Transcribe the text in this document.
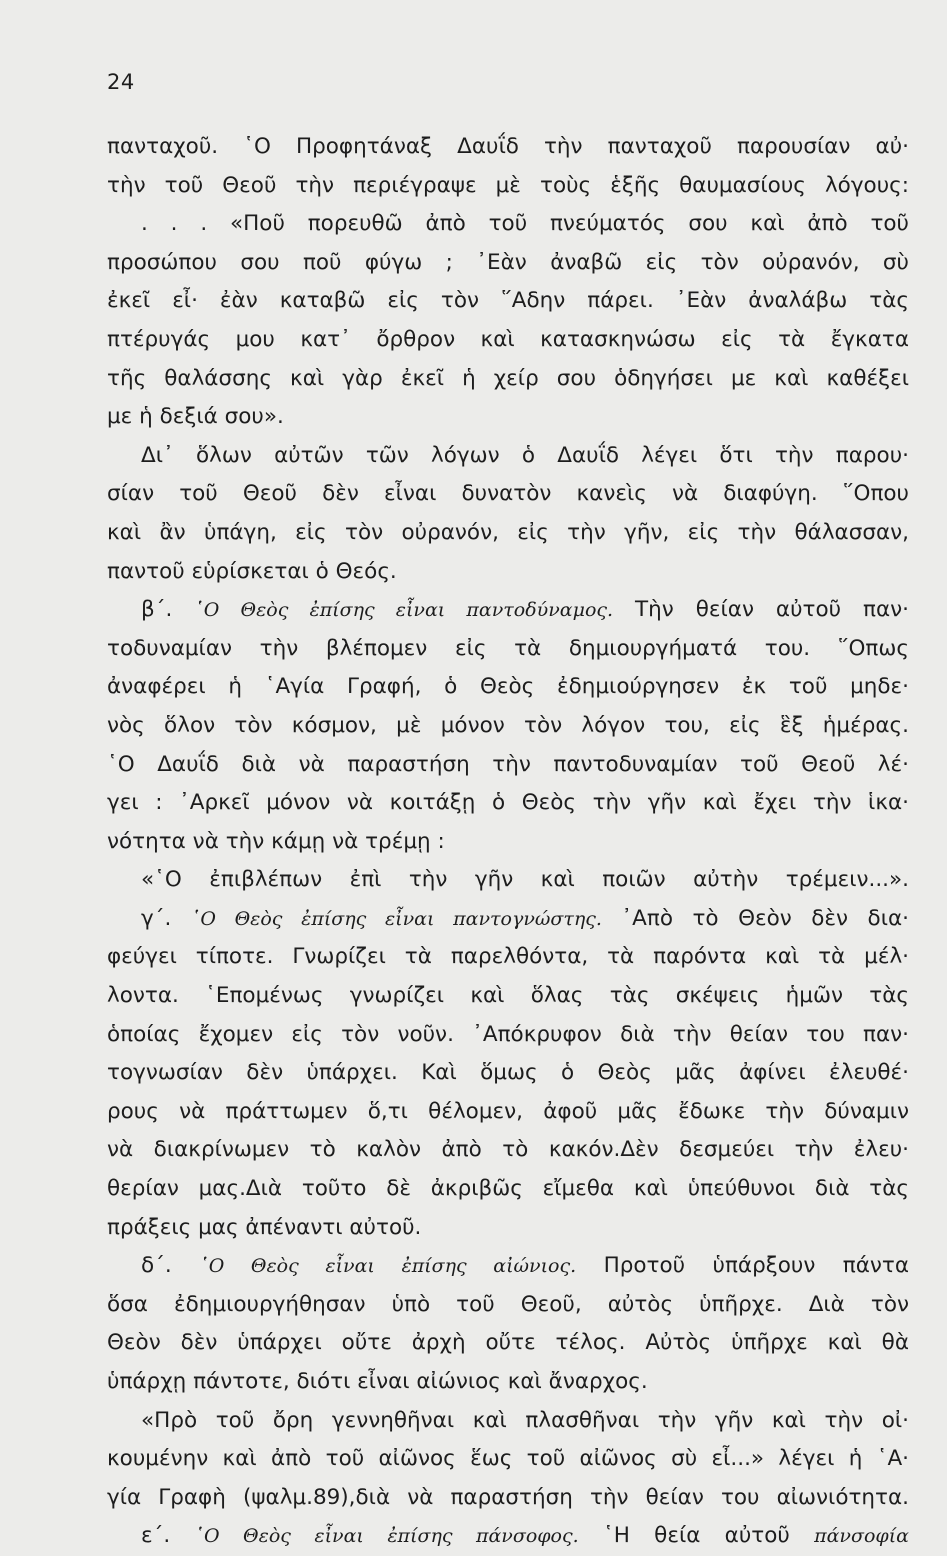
24
πανταχοῦ. ῾Ο Προφητάναξ Δαυΐδ τὴν πανταχοῦ παρουσίαν αὐ·
τὴν τοῦ Θεοῦ τὴν περιέγραψε μὲ τοὺς ἑξῆς θαυμασίους λόγους:
. . . «Ποῦ πορευθῶ ἀπὸ τοῦ πνεύματός σου καὶ ἀπὸ τοῦ
προσώπου σου ποῦ φύγω ; ᾿Εὰν ἀναβῶ εἰς τὸν οὐρανόν, σὺ
ἐκεῖ εἶ· ἐὰν καταβῶ εἰς τὸν ῞Αδην πάρει. ᾿Εὰν ἀναλάβω τὰς
πτέρυγάς μου κατ᾿ ὄρθρον καὶ κατασκηνώσω εἰς τὰ ἔγκατα
τῆς θαλάσσης καὶ γὰρ ἐκεῖ ἡ χείρ σου ὁδηγήσει με καὶ καθέξει
με ἡ δεξιά σου».
Δι᾿ ὅλων αὐτῶν τῶν λόγων ὁ Δαυΐδ λέγει ὅτι τὴν παρου·
σίαν τοῦ Θεοῦ δὲν εἶναι δυνατὸν κανεὶς νὰ διαφύγη. ῞Οπου
καὶ ἂν ὑπάγη, εἰς τὸν οὐρανόν, εἰς τὴν γῆν, εἰς τὴν θάλασσαν,
παντοῦ εὑρίσκεται ὁ Θεός.
β΄. ῾Ο Θεὸς ἐπίσης εἶναι παντοδύναμος. Τὴν θείαν αὐτοῦ παν·
τοδυναμίαν τὴν βλέπομεν εἰς τὰ δημιουργήματά του. ῞Οπως
ἀναφέρει ἡ ῾Αγία Γραφή, ὁ Θεὸς ἐδημιούργησεν ἐκ τοῦ μηδε·
νὸς ὅλον τὸν κόσμον, μὲ μόνον τὸν λόγον του, εἰς ἓξ ἡμέρας.
῾Ο Δαυΐδ διὰ νὰ παραστήση τὴν παντοδυναμίαν τοῦ Θεοῦ λέ·
γει : ᾿Αρκεῖ μόνον νὰ κοιτάξῃ ὁ Θεὸς τὴν γῆν καὶ ἔχει τὴν ἱκα·
νότητα νὰ τὴν κάμῃ νὰ τρέμῃ :
«῾Ο ἐπιβλέπων ἐπὶ τὴν γῆν καὶ ποιῶν αὐτὴν τρέμειν...».
γ΄. ῾Ο Θεὸς ἐπίσης εἶναι παντογνώστης. ᾿Απὸ τὸ Θεὸν δὲν δια·
φεύγει τίποτε. Γνωρίζει τὰ παρελθόντα, τὰ παρόντα καὶ τὰ μέλ·
λοντα. ῾Επομένως γνωρίζει καὶ ὅλας τὰς σκέψεις ἡμῶν τὰς
ὁποίας ἔχομεν εἰς τὸν νοῦν. ᾿Απόκρυφον διὰ τὴν θείαν του παν·
τογνωσίαν δὲν ὑπάρχει. Καὶ ὅμως ὁ Θεὸς μᾶς ἀφίνει ἐλευθέ·
ρους νὰ πράττωμεν ὅ,τι θέλομεν, ἀφοῦ μᾶς ἔδωκε τὴν δύναμιν
νὰ διακρίνωμεν τὸ καλὸν ἀπὸ τὸ κακόν.Δὲν δεσμεύει τὴν ἐλευ·
θερίαν μας.Διὰ τοῦτο δὲ ἀκριβῶς εἴμεθα καὶ ὑπεύθυνοι διὰ τὰς
πράξεις μας ἀπέναντι αὐτοῦ.
δ΄. ῾Ο Θεὸς εἶναι ἐπίσης αἰώνιος. Προτοῦ ὑπάρξουν πάντα
ὅσα ἐδημιουργήθησαν ὑπὸ τοῦ Θεοῦ, αὐτὸς ὑπῆρχε. Διὰ τὸν
Θεὸν δὲν ὑπάρχει οὔτε ἀρχὴ οὔτε τέλος. Αὐτὸς ὑπῆρχε καὶ θὰ
ὑπάρχῃ πάντοτε, διότι εἶναι αἰώνιος καὶ ἄναρχος.
«Πρὸ τοῦ ὄρη γεννηθῆναι καὶ πλασθῆναι τὴν γῆν καὶ τὴν οἰ·
κουμένην καὶ ἀπὸ τοῦ αἰῶνος ἕως τοῦ αἰῶνος σὺ εἶ...» λέγει ἡ ῾Α·
γία Γραφὴ (ψαλμ.89),διὰ νὰ παραστήση τὴν θείαν του αἰωνιότητα.
ε΄. ῾Ο Θεὸς εἶναι ἐπίσης πάνσοφος. ῾Η θεία αὐτοῦ πάνσοφία
